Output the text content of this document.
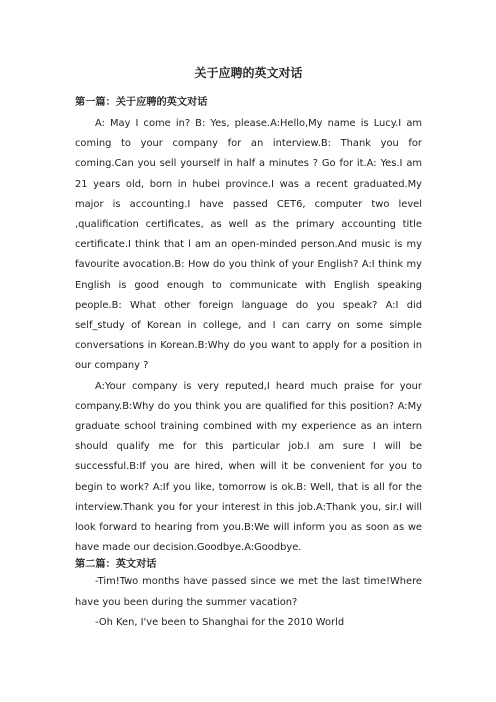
关于应聘的英文对话
第一篇：关于应聘的英文对话

A: May I come in? B: Yes, please.A:Hello,My name is Lucy.I am coming to your company for an interview.B: Thank you for coming.Can you sell yourself in half a minutes ? Go for it.A: Yes.I am 21 years old, born in hubei province.I was a recent graduated.My major is accounting.I have passed CET6, computer two level ,qualification certificates, as well as the primary accounting title certificate.I think that l am an open-minded person.And music is my favourite avocation.B: How do you think of your English? A:I think my English is good enough to communicate with English speaking people.B: What other foreign language do you speak? A:I did self_study of Korean in college, and I can carry on some simple conversations in Korean.B:Why do you want to apply for a position in our company ?

A:Your company is very reputed,I heard much praise for your company.B:Why do you think you are qualified for this position? A:My graduate school training combined with my experience as an intern should qualify me for this particular job.I am sure I will be successful.B:If you are hired, when will it be convenient for you to begin to work? A:If you like, tomorrow is ok.B: Well, that is all for the interview.Thank you for your interest in this job.A:Thank you, sir.I will look forward to hearing from you.B:We will inform you as soon as we have made our decision.Goodbye.A:Goodbye.

第二篇：英文对话

-Tim!Two months have passed since we met the last time!Where have you been during the summer vacation?

-Oh Ken, I've been to Shanghai for the 2010 World
